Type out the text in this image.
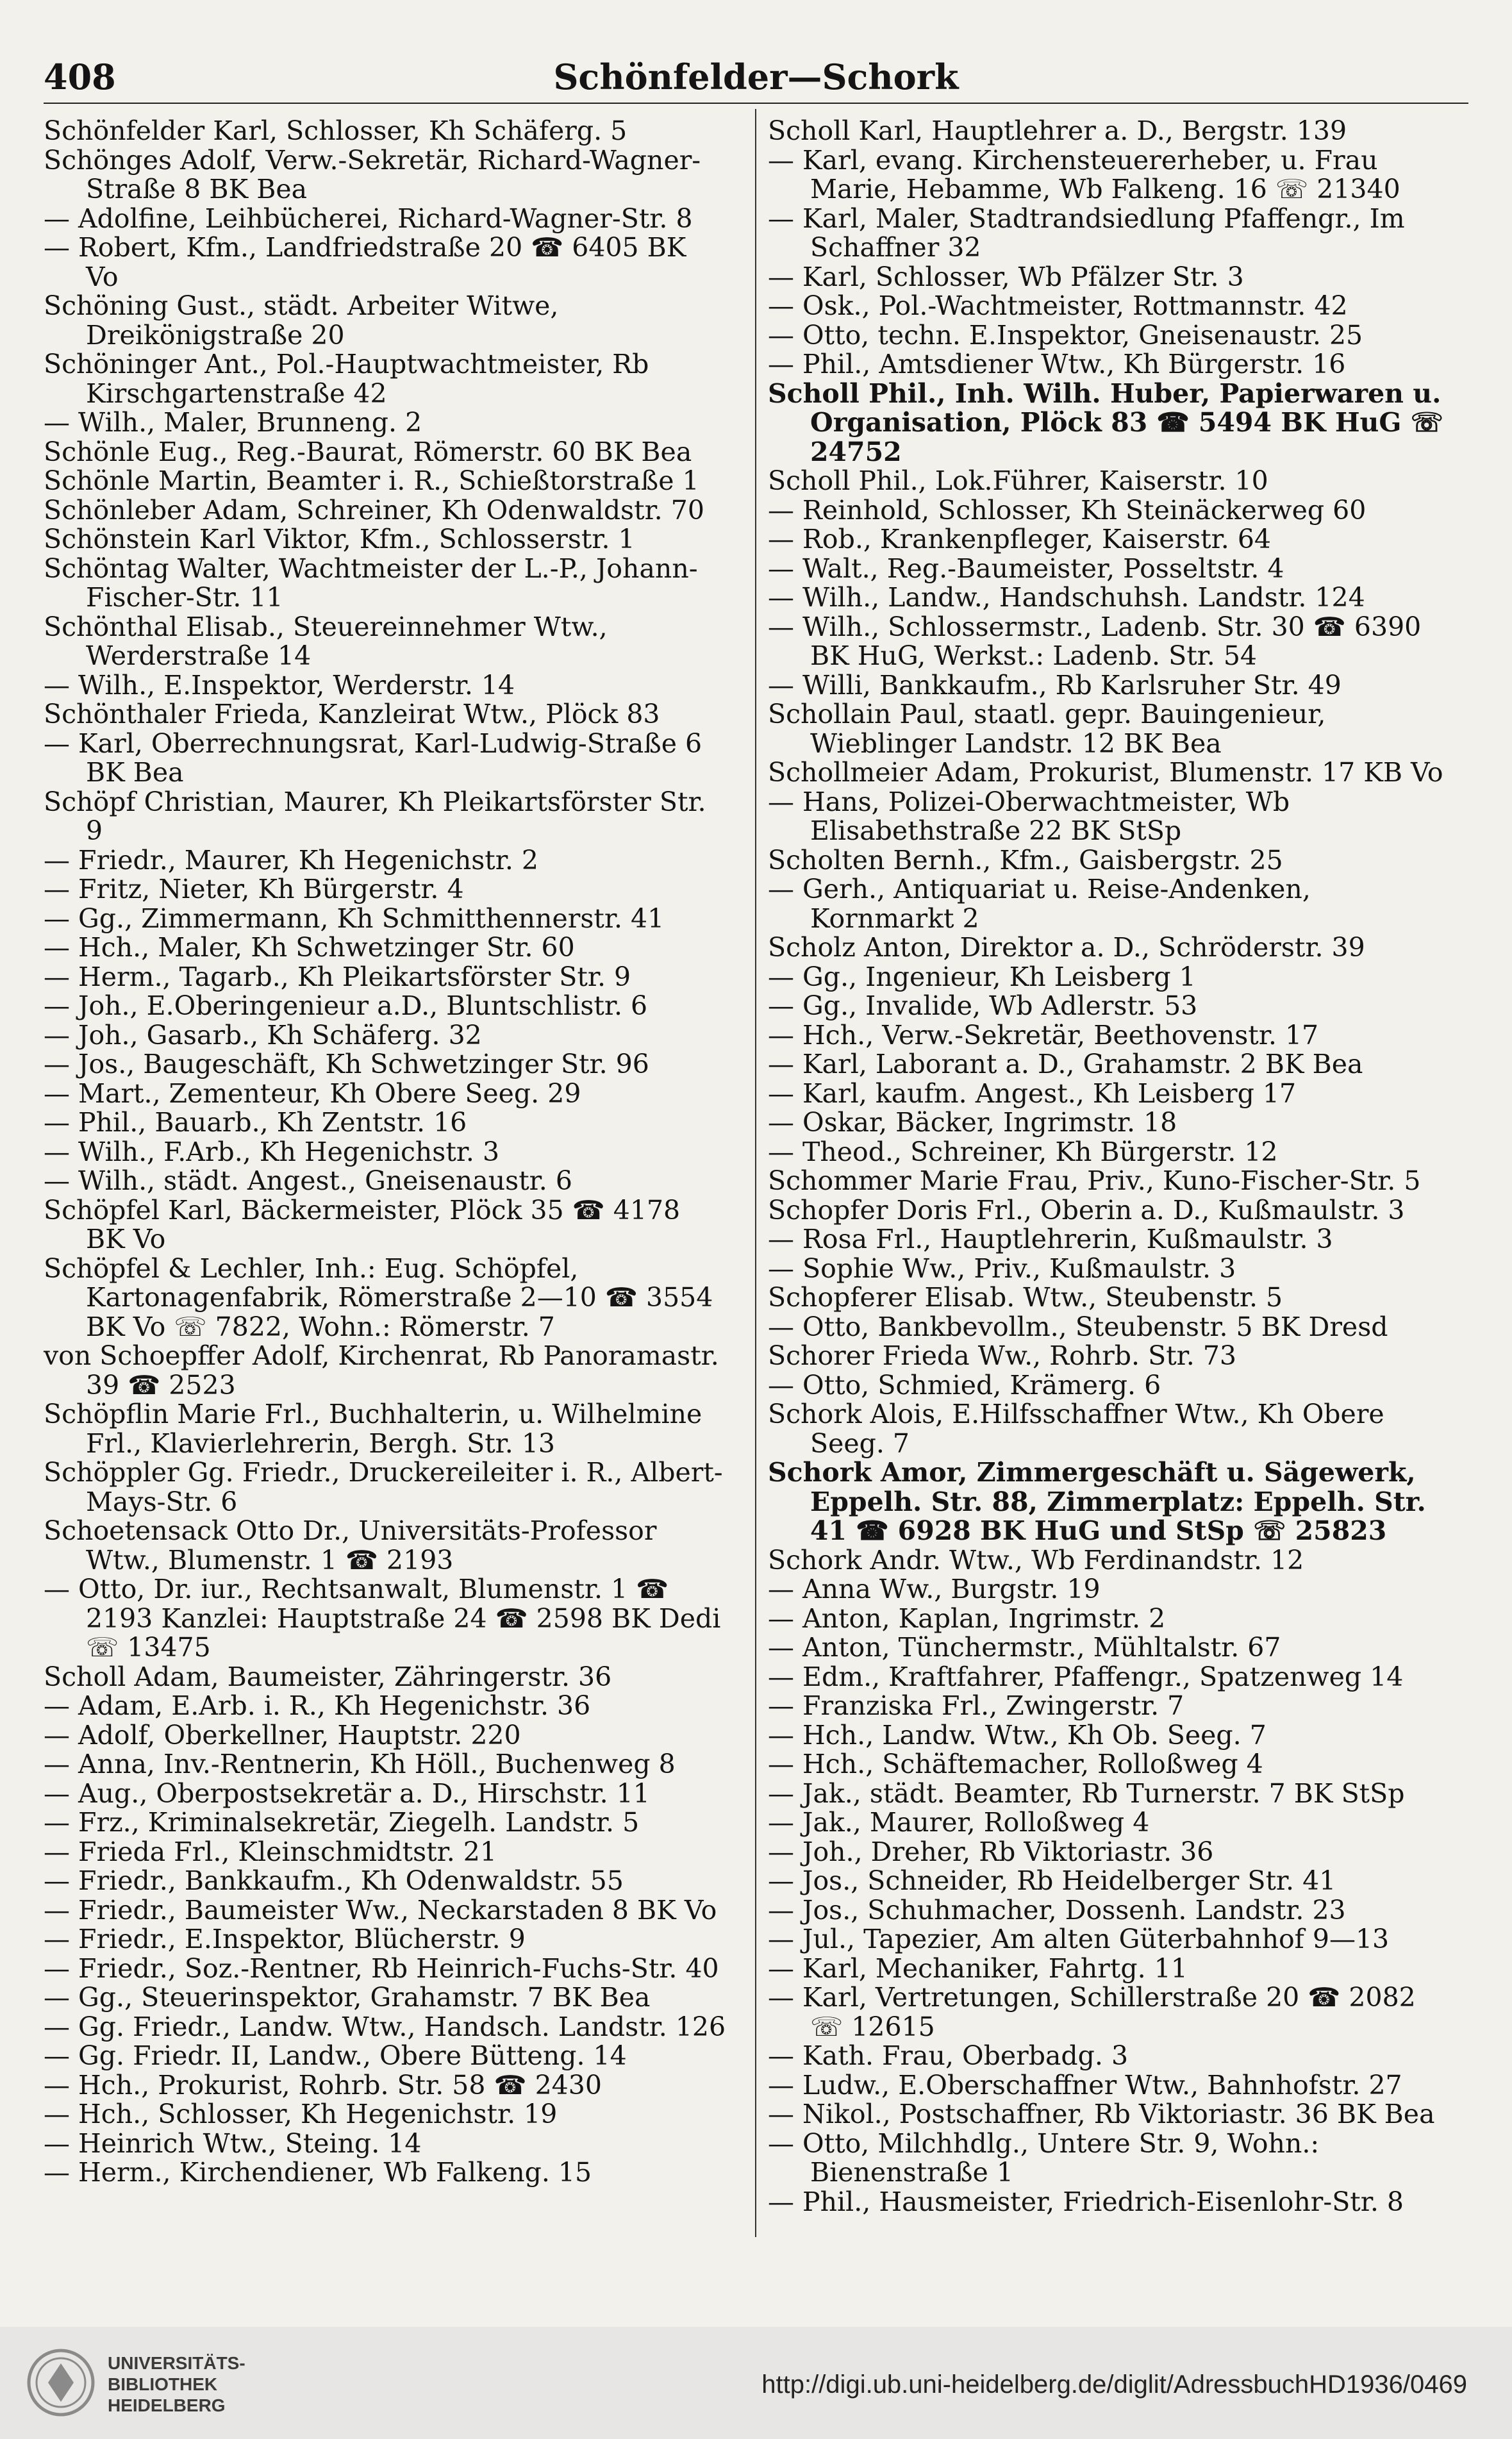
408	Schönfelder—Schork
Schönfelder Karl, Schlosser, Kh Schäferg. 5
Schönges Adolf, Verw.-Sekretär, Richard-Wagner-Straße 8 BK Bea
— Adolfine, Leihbücherei, Richard-Wagner-Str. 8
— Robert, Kfm., Landfriedstraße 20 ☎ 6405 BK Vo
Schöning Gust., städt. Arbeiter Witwe, Dreikönigstraße 20
Schöninger Ant., Pol.-Hauptwachtmeister, Rb Kirschgartenstraße 42
— Wilh., Maler, Brunneng. 2
Schönle Eug., Reg.-Baurat, Römerstr. 60 BK Bea
Schönle Martin, Beamter i. R., Schießtorstraße 1
Schönleber Adam, Schreiner, Kh Odenwaldstr. 70
Schönstein Karl Viktor, Kfm., Schlosserstr. 1
Schöntag Walter, Wachtmeister der L.-P., Johann-Fischer-Str. 11
Schönthal Elisab., Steuereinnehmer Wtw., Werderstraße 14
— Wilh., E.Inspektor, Werderstr. 14
Schönthaler Frieda, Kanzleirat Wtw., Plöck 83
— Karl, Oberrechnungsrat, Karl-Ludwig-Straße 6 BK Bea
Schöpf Christian, Maurer, Kh Pleikartsförster Str. 9
— Friedr., Maurer, Kh Hegenichstr. 2
— Fritz, Nieter, Kh Bürgerstr. 4
— Gg., Zimmermann, Kh Schmitthennerstr. 41
— Hch., Maler, Kh Schwetzinger Str. 60
— Herm., Tagarb., Kh Pleikartsförster Str. 9
— Joh., E.Oberingenieur a.D., Bluntschlistr. 6
— Joh., Gasarb., Kh Schäferg. 32
— Jos., Baugeschäft, Kh Schwetzinger Str. 96
— Mart., Zementeur, Kh Obere Seeg. 29
— Phil., Bauarb., Kh Zentstr. 16
— Wilh., F.Arb., Kh Hegenichstr. 3
— Wilh., städt. Angest., Gneisenaustr. 6
Schöpfel Karl, Bäckermeister, Plöck 35 ☎ 4178 BK Vo
Schöpfel & Lechler, Inh.: Eug. Schöpfel, Kartonagenfabrik, Römerstraße 2—10 ☎ 3554 BK Vo ☏ 7822, Wohn.: Römerstr. 7
von Schoepffer Adolf, Kirchenrat, Rb Panoramastr. 39 ☎ 2523
Schöpflin Marie Frl., Buchhalterin, u. Wilhelmine Frl., Klavierlehrerin, Bergh. Str. 13
Schöppler Gg. Friedr., Druckereileiter i. R., Albert-Mays-Str. 6
Schoetensack Otto Dr., Universitäts-Professor Wtw., Blumenstr. 1 ☎ 2193
— Otto, Dr. iur., Rechtsanwalt, Blumenstr. 1 ☎ 2193 Kanzlei: Hauptstraße 24 ☎ 2598 BK Dedi ☏ 13475
Scholl Adam, Baumeister, Zähringerstr. 36
— Adam, E.Arb. i. R., Kh Hegenichstr. 36
— Adolf, Oberkellner, Hauptstr. 220
— Anna, Inv.-Rentnerin, Kh Höll., Buchenweg 8
— Aug., Oberpostsekretär a. D., Hirschstr. 11
— Frz., Kriminalsekretär, Ziegelh. Landstr. 5
— Frieda Frl., Kleinschmidtstr. 21
— Friedr., Bankkaufm., Kh Odenwaldstr. 55
— Friedr., Baumeister Ww., Neckarstaden 8 BK Vo
— Friedr., E.Inspektor, Blücherstr. 9
— Friedr., Soz.-Rentner, Rb Heinrich-Fuchs-Str. 40
— Gg., Steuerinspektor, Grahamstr. 7 BK Bea
— Gg. Friedr., Landw. Wtw., Handsch. Landstr. 126
— Gg. Friedr. II, Landw., Obere Bütteng. 14
— Hch., Prokurist, Rohrb. Str. 58 ☎ 2430
— Hch., Schlosser, Kh Hegenichstr. 19
— Heinrich Wtw., Steing. 14
— Herm., Kirchendiener, Wb Falkeng. 15
Scholl Karl, Hauptlehrer a. D., Bergstr. 139
— Karl, evang. Kirchensteuererheber, u. Frau Marie, Hebamme, Wb Falkeng. 16 ☏ 21340
— Karl, Maler, Stadtrandsiedlung Pfaffengr., Im Schaffner 32
— Karl, Schlosser, Wb Pfälzer Str. 3
— Osk., Pol.-Wachtmeister, Rottmannstr. 42
— Otto, techn. E.Inspektor, Gneisenaustr. 25
— Phil., Amtsdiener Wtw., Kh Bürgerstr. 16
Scholl Phil., Inh. Wilh. Huber, Papierwaren u. Organisation, Plöck 83 ☎ 5494 BK HuG ☏ 24752
Scholl Phil., Lok.Führer, Kaiserstr. 10
— Reinhold, Schlosser, Kh Steinäckerweg 60
— Rob., Krankenpfleger, Kaiserstr. 64
— Walt., Reg.-Baumeister, Posseltstr. 4
— Wilh., Landw., Handschuhsh. Landstr. 124
— Wilh., Schlossermstr., Ladenb. Str. 30 ☎ 6390 BK HuG, Werkst.: Ladenb. Str. 54
— Willi, Bankkaufm., Rb Karlsruher Str. 49
Schollain Paul, staatl. gepr. Bauingenieur, Wieblinger Landstr. 12 BK Bea
Schollmeier Adam, Prokurist, Blumenstr. 17 KB Vo
— Hans, Polizei-Oberwachtmeister, Wb Elisabethstraße 22 BK StSp
Scholten Bernh., Kfm., Gaisbergstr. 25
— Gerh., Antiquariat u. Reise-Andenken, Kornmarkt 2
Scholz Anton, Direktor a. D., Schröderstr. 39
— Gg., Ingenieur, Kh Leisberg 1
— Gg., Invalide, Wb Adlerstr. 53
— Hch., Verw.-Sekretär, Beethovenstr. 17
— Karl, Laborant a. D., Grahamstr. 2 BK Bea
— Karl, kaufm. Angest., Kh Leisberg 17
— Oskar, Bäcker, Ingrimstr. 18
— Theod., Schreiner, Kh Bürgerstr. 12
Schommer Marie Frau, Priv., Kuno-Fischer-Str. 5
Schopfer Doris Frl., Oberin a. D., Kußmaulstr. 3
— Rosa Frl., Hauptlehrerin, Kußmaulstr. 3
— Sophie Ww., Priv., Kußmaulstr. 3
Schopferer Elisab. Wtw., Steubenstr. 5
— Otto, Bankbevollm., Steubenstr. 5 BK Dresd
Schorer Frieda Ww., Rohrb. Str. 73
— Otto, Schmied, Krämerg. 6
Schork Alois, E.Hilfsschaffner Wtw., Kh Obere Seeg. 7
Schork Amor, Zimmergeschäft u. Sägewerk, Eppelh. Str. 88, Zimmerplatz: Eppelh. Str. 41 ☎ 6928 BK HuG und StSp ☏ 25823
Schork Andr. Wtw., Wb Ferdinandstr. 12
— Anna Ww., Burgstr. 19
— Anton, Kaplan, Ingrimstr. 2
— Anton, Tünchermstr., Mühltalstr. 67
— Edm., Kraftfahrer, Pfaffengr., Spatzenweg 14
— Franziska Frl., Zwingerstr. 7
— Hch., Landw. Wtw., Kh Ob. Seeg. 7
— Hch., Schäftemacher, Rolloßweg 4
— Jak., städt. Beamter, Rb Turnerstr. 7 BK StSp
— Jak., Maurer, Rolloßweg 4
— Joh., Dreher, Rb Viktoriastr. 36
— Jos., Schneider, Rb Heidelberger Str. 41
— Jos., Schuhmacher, Dossenh. Landstr. 23
— Jul., Tapezier, Am alten Güterbahnhof 9—13
— Karl, Mechaniker, Fahrtg. 11
— Karl, Vertretungen, Schillerstraße 20 ☎ 2082 ☏ 12615
— Kath. Frau, Oberbadg. 3
— Ludw., E.Oberschaffner Wtw., Bahnhofstr. 27
— Nikol., Postschaffner, Rb Viktoriastr. 36 BK Bea
— Otto, Milchhdlg., Untere Str. 9, Wohn.: Bienenstraße 1
— Phil., Hausmeister, Friedrich-Eisenlohr-Str. 8
UNIVERSITÄTS-
BIBLIOTHEK
HEIDELBERG
http://digi.ub.uni-heidelberg.de/diglit/AdressbuchHD1936/0469
